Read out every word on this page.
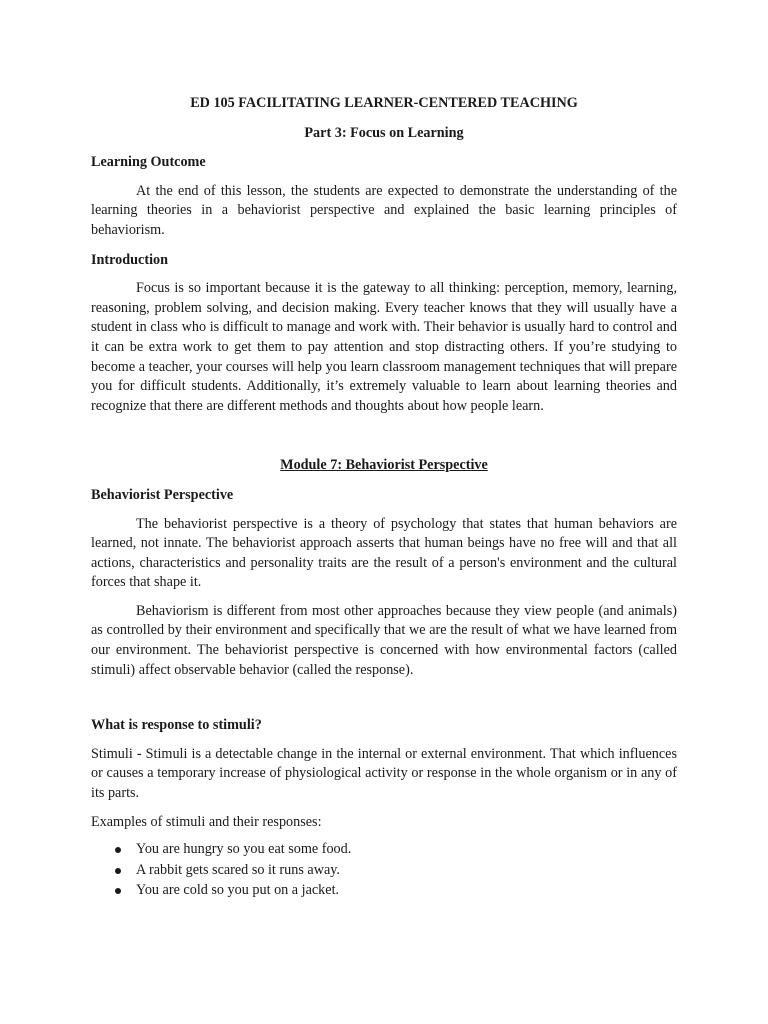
ED 105 FACILITATING LEARNER-CENTERED TEACHING

Part 3: Focus on Learning

Learning Outcome

At the end of this lesson, the students are expected to demonstrate the understanding of the learning theories in a behaviorist perspective and explained the basic learning principles of behaviorism.

Introduction

Focus is so important because it is the gateway to all thinking: perception, memory, learning, reasoning, problem solving, and decision making. Every teacher knows that they will usually have a student in class who is difficult to manage and work with. Their behavior is usually hard to control and it can be extra work to get them to pay attention and stop distracting others. If you’re studying to become a teacher, your courses will help you learn classroom management techniques that will prepare you for difficult students. Additionally, it’s extremely valuable to learn about learning theories and recognize that there are different methods and thoughts about how people learn.

Module 7: Behaviorist Perspective

Behaviorist Perspective

The behaviorist perspective is a theory of psychology that states that human behaviors are learned, not innate. The behaviorist approach asserts that human beings have no free will and that all actions, characteristics and personality traits are the result of a person's environment and the cultural forces that shape it.

Behaviorism is different from most other approaches because they view people (and animals) as controlled by their environment and specifically that we are the result of what we have learned from our environment. The behaviorist perspective is concerned with how environmental factors (called stimuli) affect observable behavior (called the response).

What is response to stimuli?

Stimuli - Stimuli is a detectable change in the internal or external environment. That which influences or causes a temporary increase of physiological activity or response in the whole organism or in any of its parts.

Examples of stimuli and their responses:

You are hungry so you eat some food.
A rabbit gets scared so it runs away.
You are cold so you put on a jacket.
